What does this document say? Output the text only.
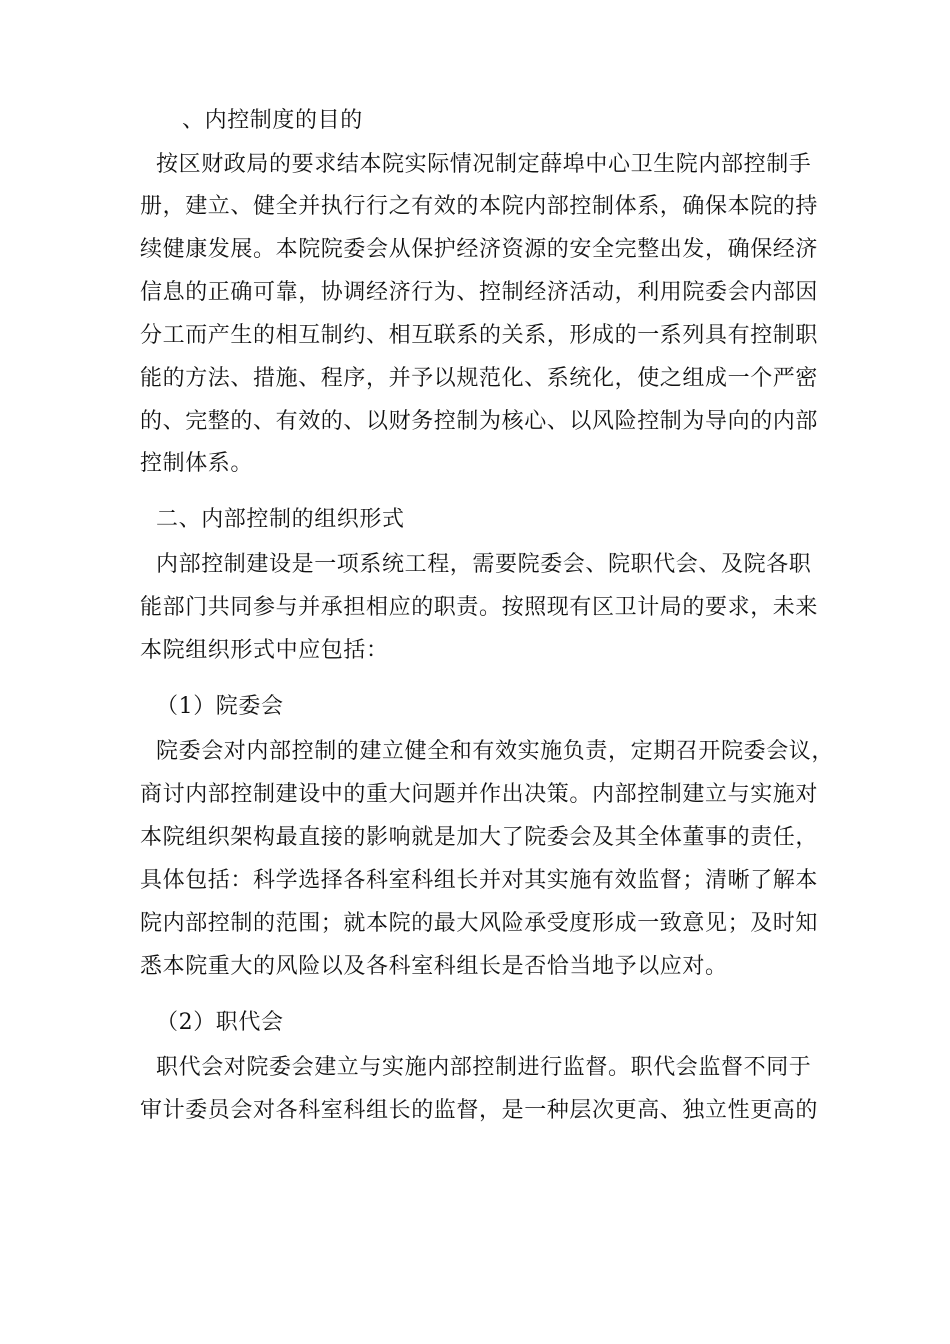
、内控制度的目的
按区财政局的要求结本院实际情况制定薛埠中心卫生院内部控制手
册，建立、健全并执行行之有效的本院内部控制体系，确保本院的持
续健康发展。本院院委会从保护经济资源的安全完整出发，确保经济
信息的正确可靠，协调经济行为、控制经济活动，利用院委会内部因
分工而产生的相互制约、相互联系的关系，形成的一系列具有控制职
能的方法、措施、程序，并予以规范化、系统化，使之组成一个严密
的、完整的、有效的、以财务控制为核心、以风险控制为导向的内部
控制体系。
二、内部控制的组织形式
内部控制建设是一项系统工程，需要院委会、院职代会、及院各职
能部门共同参与并承担相应的职责。按照现有区卫计局的要求，未来
本院组织形式中应包括：
（1）院委会
院委会对内部控制的建立健全和有效实施负责，定期召开院委会议，
商讨内部控制建设中的重大问题并作出决策。内部控制建立与实施对
本院组织架构最直接的影响就是加大了院委会及其全体董事的责任，
具体包括：科学选择各科室科组长并对其实施有效监督；清晰了解本
院内部控制的范围；就本院的最大风险承受度形成一致意见；及时知
悉本院重大的风险以及各科室科组长是否恰当地予以应对。
（2）职代会
职代会对院委会建立与实施内部控制进行监督。职代会监督不同于
审计委员会对各科室科组长的监督，是一种层次更高、独立性更高的
